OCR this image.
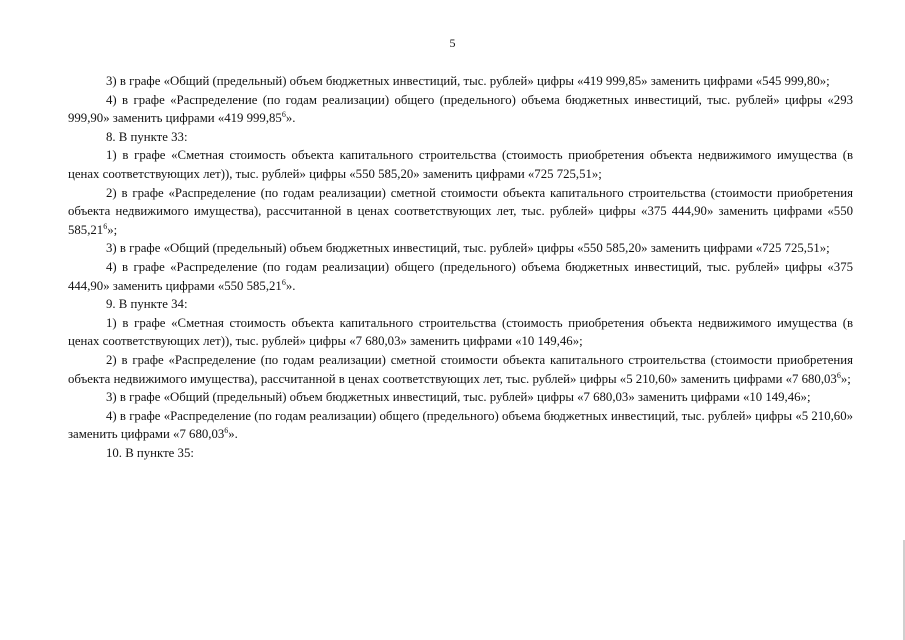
5

3) в графе «Общий (предельный) объем бюджетных инвестиций, тыс. рублей» цифры «419 999,85» заменить цифрами «545 999,80»;

4) в графе «Распределение (по годам реализации) общего (предельного) объема бюджетных инвестиций, тыс. рублей» цифры «293 999,90» заменить цифрами «419 999,85$^6$».

8. В пункте 33:

1) в графе «Сметная стоимость объекта капитального строительства (стоимость приобретения объекта недвижимого имущества (в ценах соответствующих лет)), тыс. рублей» цифры «550 585,20» заменить цифрами «725 725,51»;

2) в графе «Распределение (по годам реализации) сметной стоимости объекта капитального строительства (стоимости приобретения объекта недвижимого имущества), рассчитанной в ценах соответствующих лет, тыс. рублей» цифры «375 444,90» заменить цифрами «550 585,21$^6$»;

3) в графе «Общий (предельный) объем бюджетных инвестиций, тыс. рублей» цифры «550 585,20» заменить цифрами «725 725,51»;

4) в графе «Распределение (по годам реализации) общего (предельного) объема бюджетных инвестиций, тыс. рублей» цифры «375 444,90» заменить цифрами «550 585,21$^6$».

9. В пункте 34:

1) в графе «Сметная стоимость объекта капитального строительства (стоимость приобретения объекта недвижимого имущества (в ценах соответствующих лет)), тыс. рублей» цифры «7 680,03» заменить цифрами «10 149,46»;

2) в графе «Распределение (по годам реализации) сметной стоимости объекта капитального строительства (стоимости приобретения объекта недвижимого имущества), рассчитанной в ценах соответствующих лет, тыс. рублей» цифры «5 210,60» заменить цифрами «7 680,03$^6$»;

3) в графе «Общий (предельный) объем бюджетных инвестиций, тыс. рублей» цифры «7 680,03» заменить цифрами «10 149,46»;

4) в графе «Распределение (по годам реализации) общего (предельного) объема бюджетных инвестиций, тыс. рублей» цифры «5 210,60» заменить цифрами «7 680,03$^6$».

10. В пункте 35:
